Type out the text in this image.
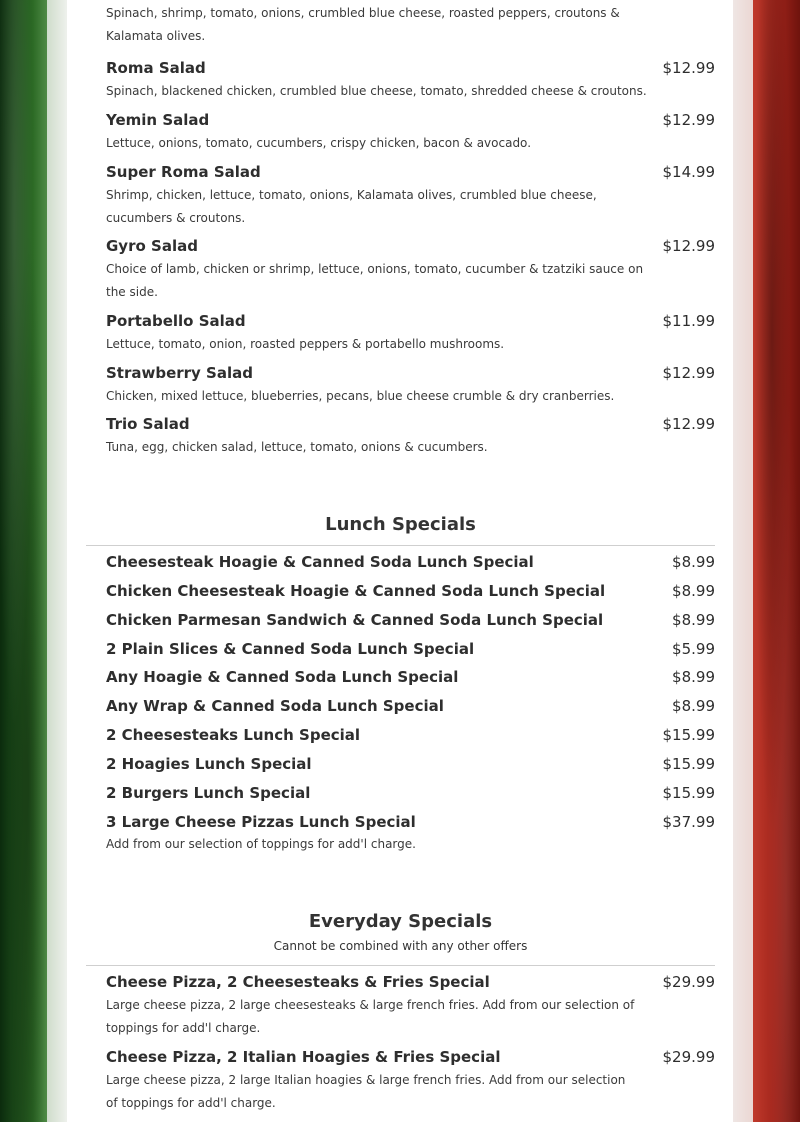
Spinach, shrimp, tomato, onions, crumbled blue cheese, roasted peppers, croutons & Kalamata olives.
Roma Salad	$12.99
Spinach, blackened chicken, crumbled blue cheese, tomato, shredded cheese & croutons.
Yemin Salad	$12.99
Lettuce, onions, tomato, cucumbers, crispy chicken, bacon & avocado.
Super Roma Salad	$14.99
Shrimp, chicken, lettuce, tomato, onions, Kalamata olives, crumbled blue cheese, cucumbers & croutons.
Gyro Salad	$12.99
Choice of lamb, chicken or shrimp, lettuce, onions, tomato, cucumber & tzatziki sauce on the side.
Portabello Salad	$11.99
Lettuce, tomato, onion, roasted peppers & portabello mushrooms.
Strawberry Salad	$12.99
Chicken, mixed lettuce, blueberries, pecans, blue cheese crumble & dry cranberries.
Trio Salad	$12.99
Tuna, egg, chicken salad, lettuce, tomato, onions & cucumbers.
Cheesesteak Hoagie & Canned Soda Lunch Special	$8.99
Chicken Cheesesteak Hoagie & Canned Soda Lunch Special	$8.99
Chicken Parmesan Sandwich & Canned Soda Lunch Special	$8.99
2 Plain Slices & Canned Soda Lunch Special	$5.99
Any Hoagie & Canned Soda Lunch Special	$8.99
Any Wrap & Canned Soda Lunch Special	$8.99
2 Cheesesteaks Lunch Special	$15.99
2 Hoagies Lunch Special	$15.99
2 Burgers Lunch Special	$15.99
3 Large Cheese Pizzas Lunch Special	$37.99
Add from our selection of toppings for add'l charge.
Cheese Pizza, 2 Cheesesteaks & Fries Special	$29.99
Large cheese pizza, 2 large cheesesteaks & large french fries. Add from our selection of toppings for add'l charge.
Cheese Pizza, 2 Italian Hoagies & Fries Special	$29.99
Large cheese pizza, 2 large Italian hoagies & large french fries. Add from our selection of toppings for add'l charge.
Lunch Specials
Everyday Specials
Cannot be combined with any other offers
